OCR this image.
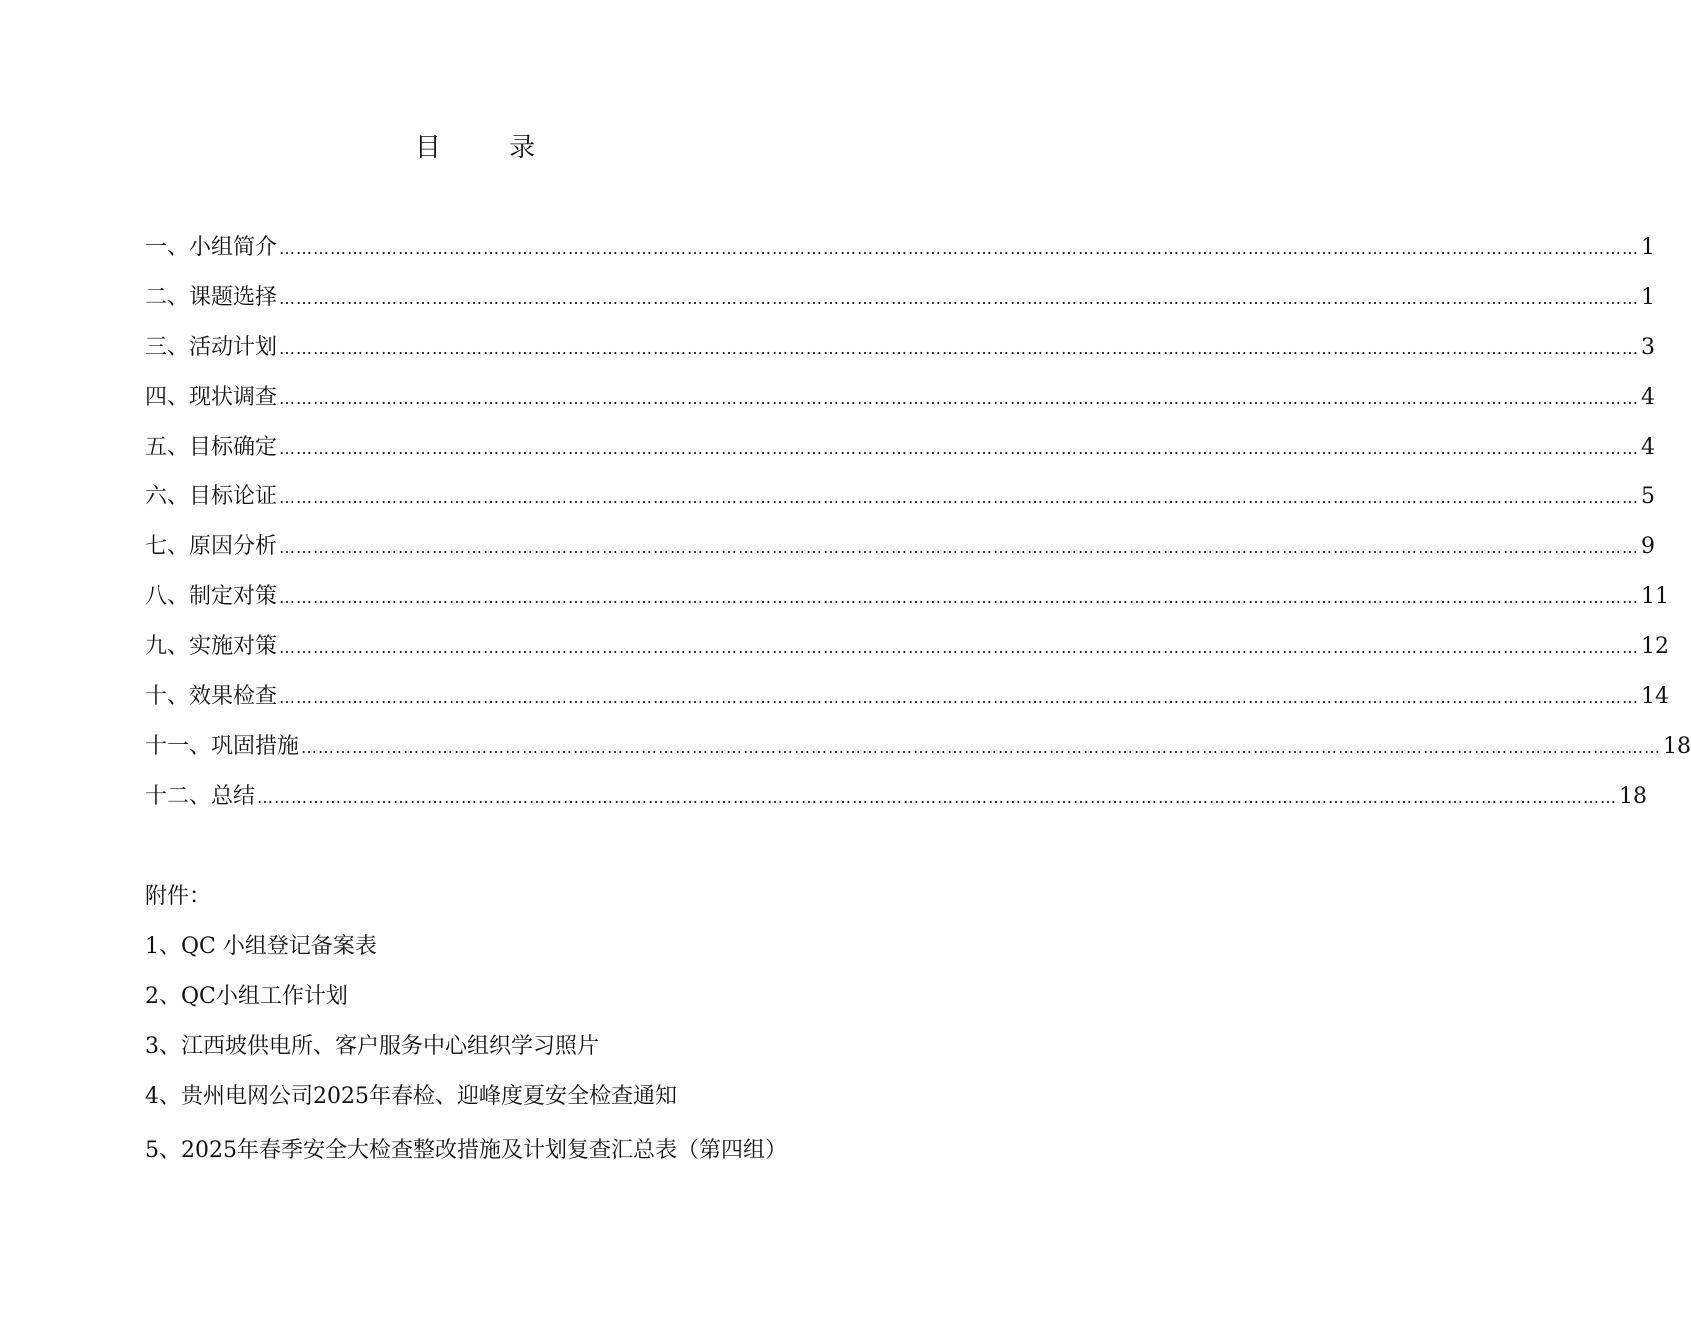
目 录
一、小组简介 …………………………………………………………………………………………………………………………………………………………………………………………………………………… 1
二、课题选择 …………………………………………………………………………………………………………………………………………………………………………………………………………………… 1
三、活动计划 …………………………………………………………………………………………………………………………………………………………………………………………………………………… 3
四、现状调查 …………………………………………………………………………………………………………………………………………………………………………………………………………………… 4
五、目标确定 …………………………………………………………………………………………………………………………………………………………………………………………………………………… 4
六、目标论证 …………………………………………………………………………………………………………………………………………………………………………………………………………………… 5
七、原因分析 …………………………………………………………………………………………………………………………………………………………………………………………………………………… 9
八、制定对策 …………………………………………………………………………………………………………………………………………………………………………………………………………………… 11
九、实施对策 …………………………………………………………………………………………………………………………………………………………………………………………………………………… 12
十、效果检查 …………………………………………………………………………………………………………………………………………………………………………………………………………………… 14
十一、巩固措施 …………………………………………………………………………………………………………………………………………………………………………………………………………………… 18
十二、总结 …………………………………………………………………………………………………………………………………………………………………………………………………………………… 18
附件：
1、QC 小组登记备案表
2、QC小组工作计划
3、江西坡供电所、客户服务中心组织学习照片
4、贵州电网公司2025年春检、迎峰度夏安全检查通知
5、2025年春季安全大检查整改措施及计划复查汇总表（第四组）
